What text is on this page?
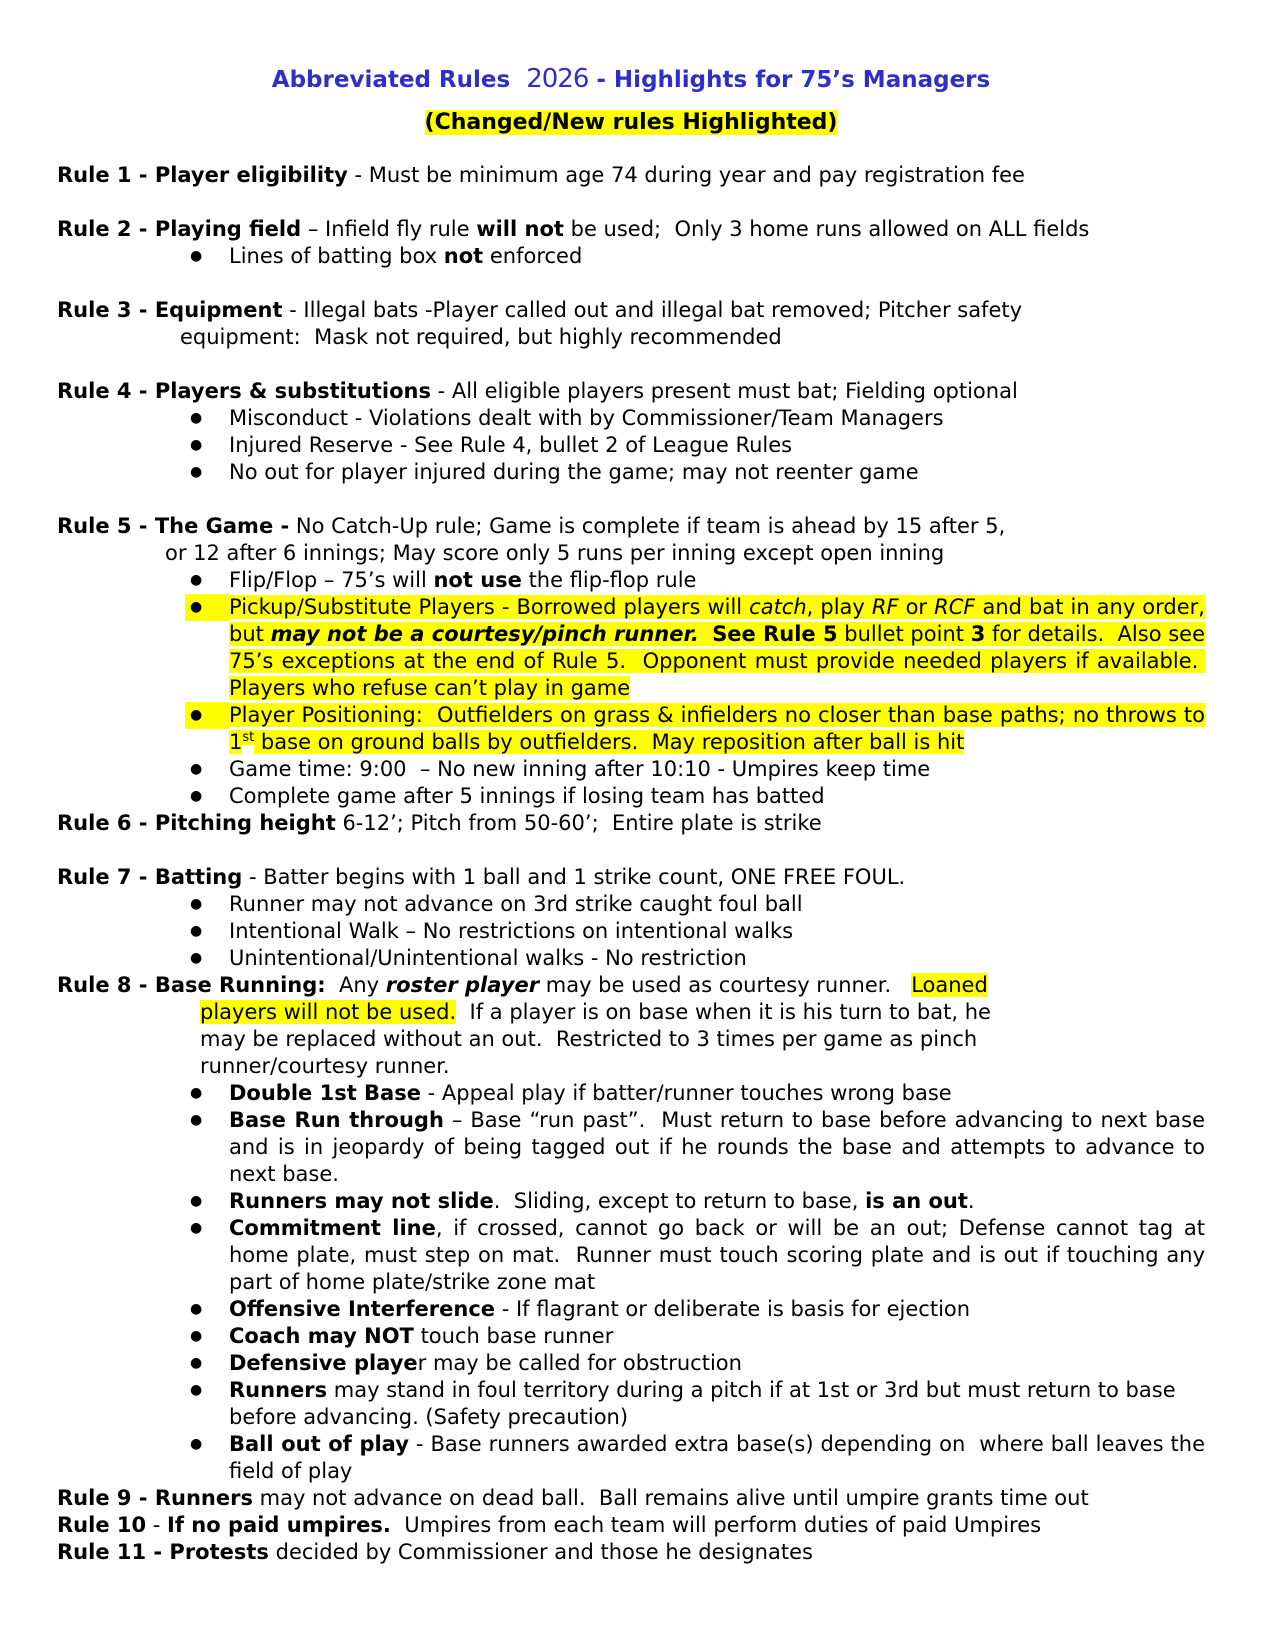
Abbreviated Rules  2026 - Highlights for 75’s Managers
(Changed/New rules Highlighted)
Rule 1 - Player eligibility - Must be minimum age 74 during year and pay registration fee
Rule 2 - Playing field – Infield fly rule will not be used;  Only 3 home runs allowed on ALL fields
● Lines of batting box not enforced
Rule 3 - Equipment - Illegal bats -Player called out and illegal bat removed; Pitcher safety
equipment:  Mask not required, but highly recommended
Rule 4 - Players & substitutions - All eligible players present must bat; Fielding optional
● Misconduct - Violations dealt with by Commissioner/Team Managers
● Injured Reserve - See Rule 4, bullet 2 of League Rules
● No out for player injured during the game; may not reenter game
Rule 5 - The Game - No Catch-Up rule; Game is complete if team is ahead by 15 after 5,
or 12 after 6 innings; May score only 5 runs per inning except open inning
● Flip/Flop – 75’s will not use the flip-flop rule
● Pickup/Substitute Players - Borrowed players will catch, play RF or RCF and bat in any order, but may not be a courtesy/pinch runner. See Rule 5 bullet point 3 for details.  Also see 75’s exceptions at the end of Rule 5.  Opponent must provide needed players if available.  Players who refuse can’t play in game
● Player Positioning:  Outfielders on grass & infielders no closer than base paths; no throws to 1st base on ground balls by outfielders.  May reposition after ball is hit
● Game time: 9:00  – No new inning after 10:10 - Umpires keep time
● Complete game after 5 innings if losing team has batted
Rule 6 - Pitching height 6-12’; Pitch from 50-60’;  Entire plate is strike
Rule 7 - Batting - Batter begins with 1 ball and 1 strike count, ONE FREE FOUL.
● Runner may not advance on 3rd strike caught foul ball
● Intentional Walk – No restrictions on intentional walks
● Unintentional/Unintentional walks - No restriction
Rule 8 - Base Running:  Any roster player may be used as courtesy runner.   Loaned
players will not be used.  If a player is on base when it is his turn to bat, he
may be replaced without an out.  Restricted to 3 times per game as pinch
runner/courtesy runner.
● Double 1st Base - Appeal play if batter/runner touches wrong base
● Base Run through – Base “run past”.  Must return to base before advancing to next base and is in jeopardy of being tagged out if he rounds the base and attempts to advance to next base.
● Runners may not slide.  Sliding, except to return to base, is an out.
● Commitment line, if crossed, cannot go back or will be an out; Defense cannot tag at home plate, must step on mat.  Runner must touch scoring plate and is out if touching any part of home plate/strike zone mat
● Offensive Interference - If flagrant or deliberate is basis for ejection
● Coach may NOT touch base runner
● Defensive player may be called for obstruction
● Runners may stand in foul territory during a pitch if at 1st or 3rd but must return to base before advancing. (Safety precaution)
● Ball out of play - Base runners awarded extra base(s) depending on  where ball leaves the field of play
Rule 9 - Runners may not advance on dead ball.  Ball remains alive until umpire grants time out
Rule 10 - If no paid umpires.  Umpires from each team will perform duties of paid Umpires
Rule 11 - Protests decided by Commissioner and those he designates
